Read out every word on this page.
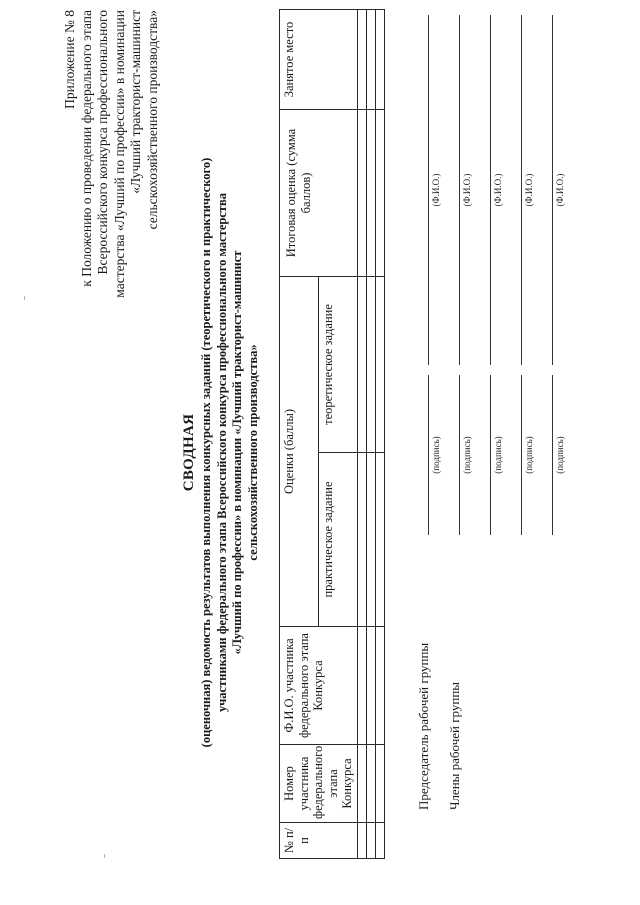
Приложение № 8 к Положению о проведении федерального этапа Всероссийского конкурса профессионального мастерства «Лучший по профессии» в номинации «Лучший тракторист-машинист сельскохозяйственного производства»
СВОДНАЯ (оценочная) ведомость результатов выполнения конкурсных заданий (теоретического и практического) участниками федерального этапа Всероссийского конкурса профессионального мастерства «Лучший по профессии» в номинации «Лучший тракторист-машинист сельскохозяйственного производства»
№ п/п	Номер участника федерального этапа Конкурса	Ф.И.О. участника федерального этапа Конкурса	Оценки (баллы)		Итоговая оценка (сумма баллов)	Занятое место
			практическое задание	теоретическое задание		

Председатель рабочей группы
(подпись)
(Ф.И.О.)
Члены рабочей группы
(подпись)
(Ф.И.О.)
(подпись)
(Ф.И.О.)
(подпись)
(Ф.И.О.)
(подпись)
(Ф.И.О.)
